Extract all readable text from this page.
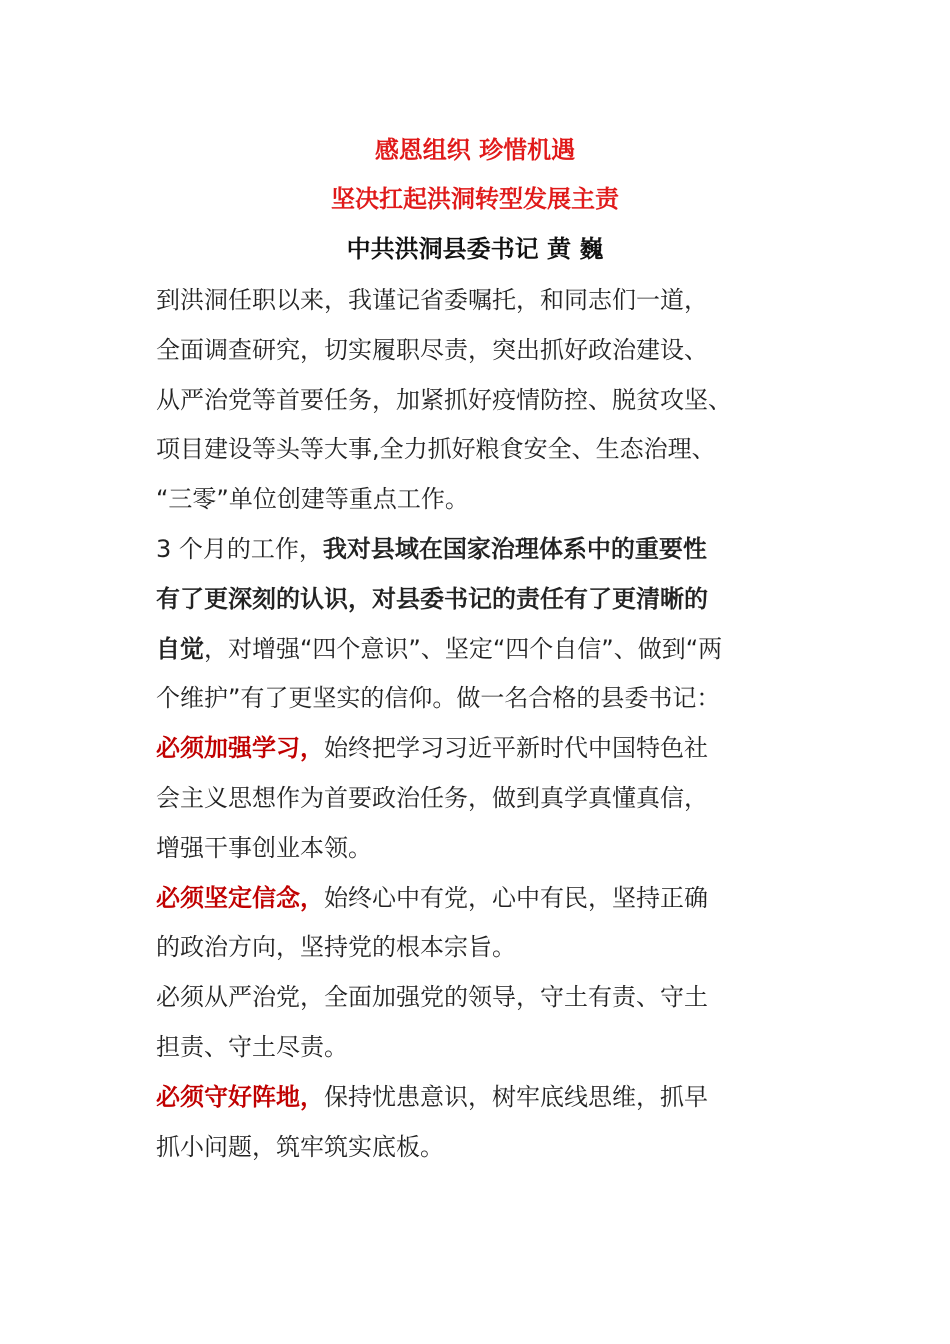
感恩组织 珍惜机遇
坚决扛起洪洞转型发展主责
中共洪洞县委书记 黄 巍
到洪洞任职以来，我谨记省委嘱托，和同志们一道，
全面调查研究，切实履职尽责，突出抓好政治建设、
从严治党等首要任务，加紧抓好疫情防控、脱贫攻坚、
项目建设等头等大事,全力抓好粮食安全、生态治理、
“三零”单位创建等重点工作。
3 个月的工作，我对县域在国家治理体系中的重要性
有了更深刻的认识，对县委书记的责任有了更清晰的
自觉，对增强“四个意识”、坚定“四个自信”、做到“两
个维护”有了更坚实的信仰。做一名合格的县委书记：
必须加强学习，始终把学习习近平新时代中国特色社
会主义思想作为首要政治任务，做到真学真懂真信，
增强干事创业本领。
必须坚定信念，始终心中有党，心中有民，坚持正确
的政治方向，坚持党的根本宗旨。
必须从严治党，全面加强党的领导，守土有责、守土
担责、守土尽责。
必须守好阵地，保持忧患意识，树牢底线思维，抓早
抓小问题，筑牢筑实底板。
